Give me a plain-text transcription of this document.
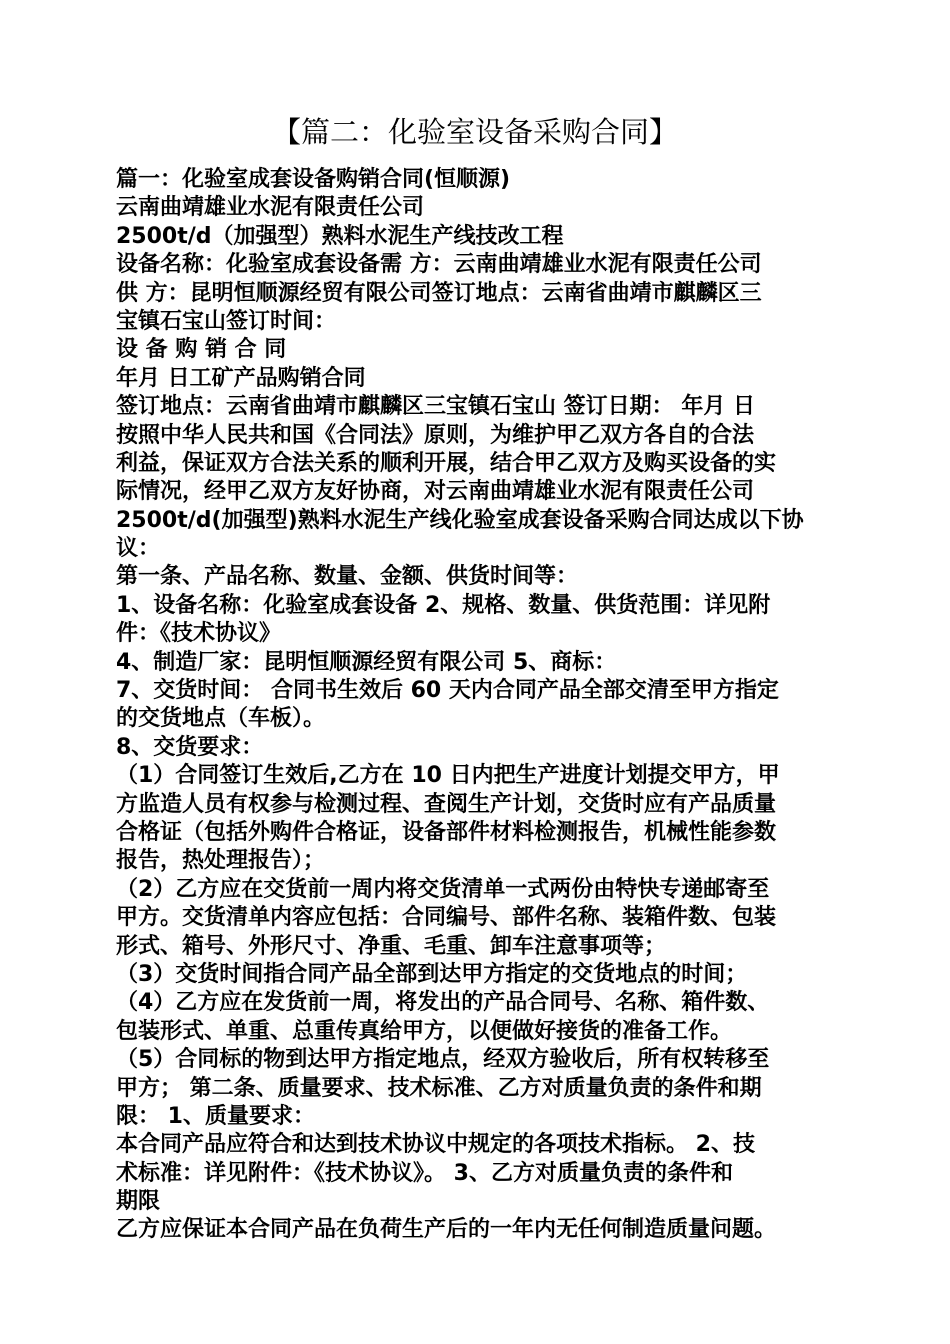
【篇二：化验室设备采购合同】
篇一：化验室成套设备购销合同(恒顺源)
云南曲靖雄业水泥有限责任公司
2500t/d（加强型）熟料水泥生产线技改工程
设备名称：化验室成套设备需 方：云南曲靖雄业水泥有限责任公司
供 方：昆明恒顺源经贸有限公司签订地点：云南省曲靖市麒麟区三
宝镇石宝山签订时间：
设 备 购 销 合 同
年月 日工矿产品购销合同
签订地点：云南省曲靖市麒麟区三宝镇石宝山 签订日期： 年月 日
按照中华人民共和国《合同法》原则，为维护甲乙双方各自的合法
利益，保证双方合法关系的顺利开展，结合甲乙双方及购买设备的实
际情况，经甲乙双方友好协商，对云南曲靖雄业水泥有限责任公司
2500t/d(加强型)熟料水泥生产线化验室成套设备采购合同达成以下协
议：
第一条、产品名称、数量、金额、供货时间等：
1、设备名称：化验室成套设备 2、规格、数量、供货范围：详见附
件：《技术协议》
4、制造厂家：昆明恒顺源经贸有限公司 5、商标：
7、交货时间： 合同书生效后 60 天内合同产品全部交清至甲方指定
的交货地点（车板）。
8、交货要求：
（1）合同签订生效后,乙方在 10 日内把生产进度计划提交甲方，甲
方监造人员有权参与检测过程、查阅生产计划，交货时应有产品质量
合格证（包括外购件合格证，设备部件材料检测报告，机械性能参数
报告，热处理报告）；
（2）乙方应在交货前一周内将交货清单一式两份由特快专递邮寄至
甲方。交货清单内容应包括：合同编号、部件名称、装箱件数、包装
形式、箱号、外形尺寸、净重、毛重、卸车注意事项等；
（3）交货时间指合同产品全部到达甲方指定的交货地点的时间；
（4）乙方应在发货前一周，将发出的产品合同号、名称、箱件数、
包装形式、单重、总重传真给甲方，以便做好接货的准备工作。
（5）合同标的物到达甲方指定地点，经双方验收后，所有权转移至
甲方； 第二条、质量要求、技术标准、乙方对质量负责的条件和期
限： 1、质量要求：
本合同产品应符合和达到技术协议中规定的各项技术指标。 2、技
术标准：详见附件：《技术协议》。 3、乙方对质量负责的条件和
期限
乙方应保证本合同产品在负荷生产后的一年内无任何制造质量问题。
